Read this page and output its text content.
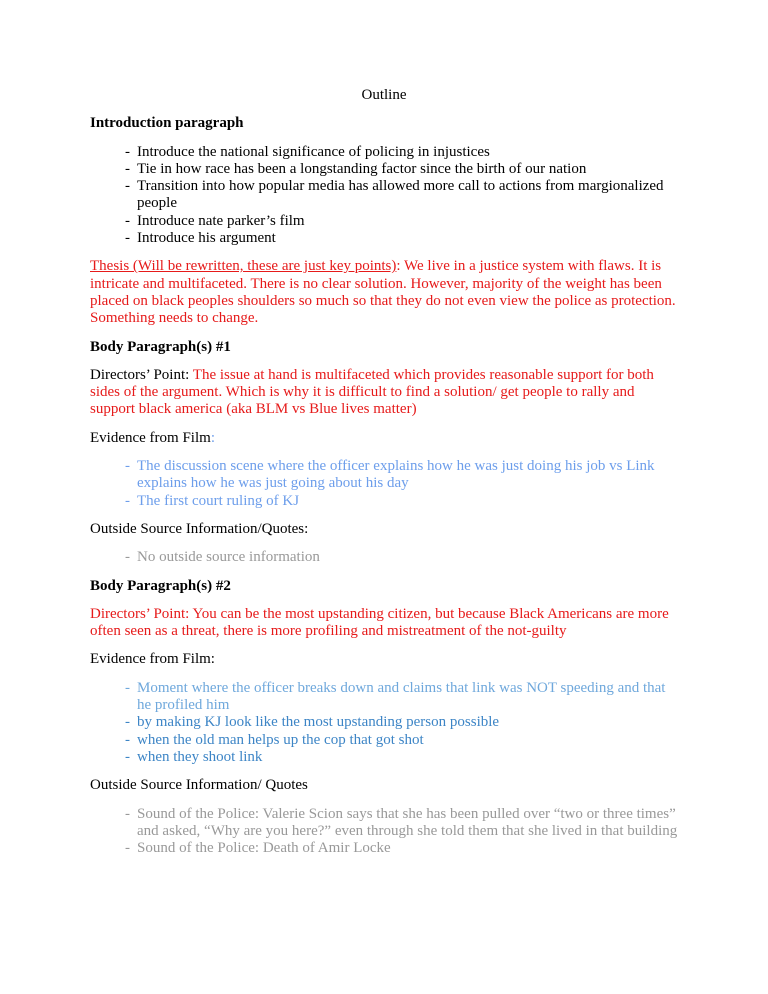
Outline

Introduction paragraph

- Introduce the national significance of policing in injustices
- Tie in how race has been a longstanding factor since the birth of our nation
- Transition into how popular media has allowed more call to actions from margionalized people
- Introduce nate parker’s film
- Introduce his argument

Thesis (Will be rewritten, these are just key points): We live in a justice system with flaws. It is intricate and multifaceted. There is no clear solution. However, majority of the weight has been placed on black peoples shoulders so much so that they do not even view the police as protection. Something needs to change.

Body Paragraph(s) #1

Directors’ Point: The issue at hand is multifaceted which provides reasonable support for both sides of the argument. Which is why it is difficult to find a solution/ get people to rally and support black america (aka BLM vs Blue lives matter)

Evidence from Film:

- The discussion scene where the officer explains how he was just doing his job vs Link explains how he was just going about his day
- The first court ruling of KJ

Outside Source Information/Quotes:

- No outside source information

Body Paragraph(s) #2

Directors’ Point: You can be the most upstanding citizen, but because Black Americans are more often seen as a threat, there is more profiling and mistreatment of the not-guilty

Evidence from Film:

- Moment where the officer breaks down and claims that link was NOT speeding and that he profiled him
- by making KJ look like the most upstanding person possible
- when the old man helps up the cop that got shot
- when they shoot link

Outside Source Information/ Quotes

- Sound of the Police: Valerie Scion says that she has been pulled over “two or three times” and asked, “Why are you here?” even through she told them that she lived in that building
- Sound of the Police: Death of Amir Locke
